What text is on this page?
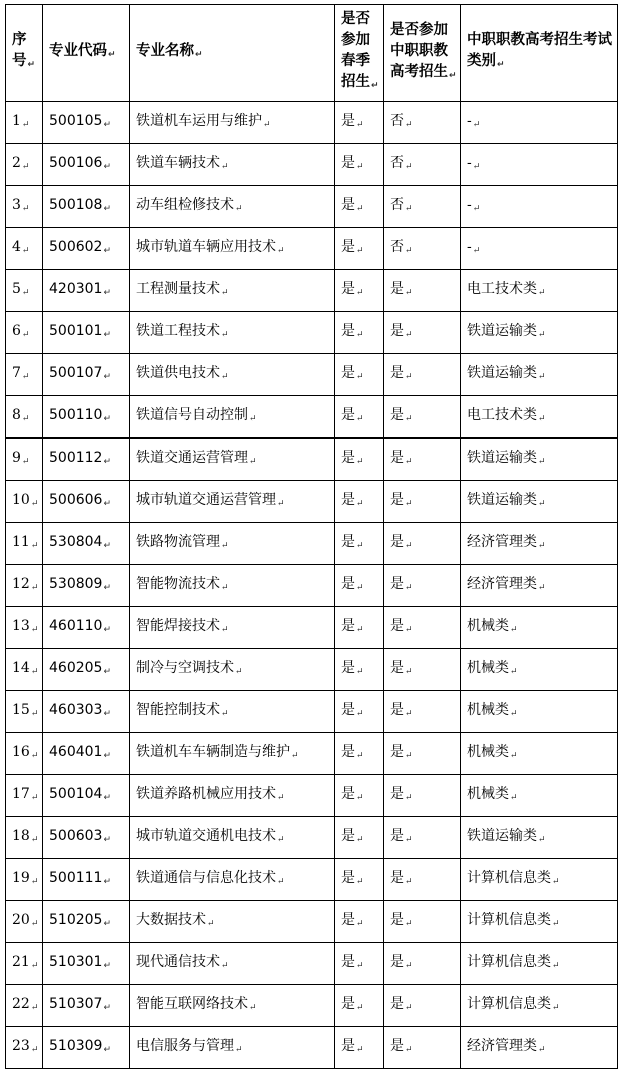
序号 ↵	专业代码 ↵	专业名称 ↵	是否参加春季招生 ↵	是否参加中职职教高考招生 ↵	中职职教高考招生考试类别 ↵
1 ↵	500105 ↵	铁道机车运用与维护 ↵	是 ↵	否 ↵	- ↵
2 ↵	500106 ↵	铁道车辆技术 ↵	是 ↵	否 ↵	- ↵
3 ↵	500108 ↵	动车组检修技术 ↵	是 ↵	否 ↵	- ↵
4 ↵	500602 ↵	城市轨道车辆应用技术 ↵	是 ↵	否 ↵	- ↵
5 ↵	420301 ↵	工程测量技术 ↵	是 ↵	是 ↵	电工技术类 ↵
6 ↵	500101 ↵	铁道工程技术 ↵	是 ↵	是 ↵	铁道运输类 ↵
7 ↵	500107 ↵	铁道供电技术 ↵	是 ↵	是 ↵	铁道运输类 ↵
8 ↵	500110 ↵	铁道信号自动控制 ↵	是 ↵	是 ↵	电工技术类 ↵
9 ↵	500112 ↵	铁道交通运营管理 ↵	是 ↵	是 ↵	铁道运输类 ↵
10 ↵	500606 ↵	城市轨道交通运营管理 ↵	是 ↵	是 ↵	铁道运输类 ↵
11 ↵	530804 ↵	铁路物流管理 ↵	是 ↵	是 ↵	经济管理类 ↵
12 ↵	530809 ↵	智能物流技术 ↵	是 ↵	是 ↵	经济管理类 ↵
13 ↵	460110 ↵	智能焊接技术 ↵	是 ↵	是 ↵	机械类 ↵
14 ↵	460205 ↵	制冷与空调技术 ↵	是 ↵	是 ↵	机械类 ↵
15 ↵	460303 ↵	智能控制技术 ↵	是 ↵	是 ↵	机械类 ↵
16 ↵	460401 ↵	铁道机车车辆制造与维护 ↵	是 ↵	是 ↵	机械类 ↵
17 ↵	500104 ↵	铁道养路机械应用技术 ↵	是 ↵	是 ↵	机械类 ↵
18 ↵	500603 ↵	城市轨道交通机电技术 ↵	是 ↵	是 ↵	铁道运输类 ↵
19 ↵	500111 ↵	铁道通信与信息化技术 ↵	是 ↵	是 ↵	计算机信息类 ↵
20 ↵	510205 ↵	大数据技术 ↵	是 ↵	是 ↵	计算机信息类 ↵
21 ↵	510301 ↵	现代通信技术 ↵	是 ↵	是 ↵	计算机信息类 ↵
22 ↵	510307 ↵	智能互联网络技术 ↵	是 ↵	是 ↵	计算机信息类 ↵
23 ↵	510309 ↵	电信服务与管理 ↵	是 ↵	是 ↵	经济管理类 ↵
